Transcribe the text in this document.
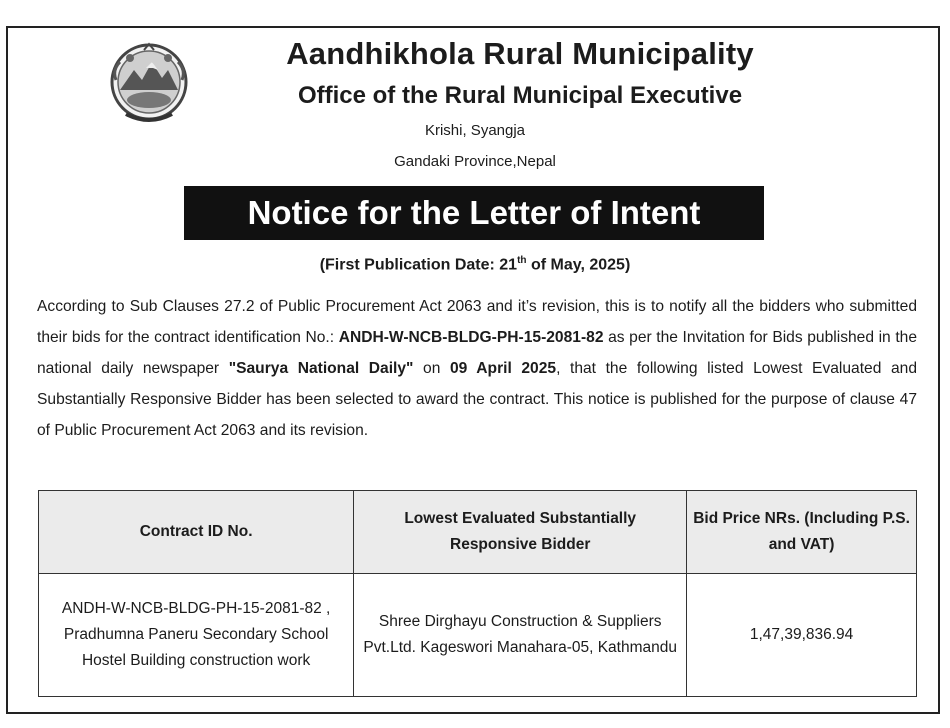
Aandhikhola Rural Municipality
Office of the Rural Municipal Executive
Krishi, Syangja
Gandaki Province,Nepal
Notice for the Letter of Intent
(First Publication Date: 21th of May, 2025)
According to Sub Clauses 27.2 of Public Procurement Act 2063 and it’s revision, this is to notify all the bidders who submitted their bids for the contract identification No.: ANDH-W-NCB-BLDG-PH-15-2081-82 as per the Invitation for Bids published in the national daily newspaper "Saurya National Daily" on 09 April 2025, that the following listed Lowest Evaluated and Substantially Responsive Bidder has been selected to award the contract. This notice is published for the purpose of clause 47 of Public Procurement Act 2063 and its revision.
Contract ID No.	Lowest Evaluated Substantially Responsive Bidder	Bid Price NRs. (Including P.S. and VAT)
ANDH-W-NCB-BLDG-PH-15-2081-82 , Pradhumna Paneru Secondary School Hostel Building construction work	Shree Dirghayu Construction & Suppliers Pvt.Ltd. Kageswori Manahara-05, Kathmandu	1,47,39,836.94
